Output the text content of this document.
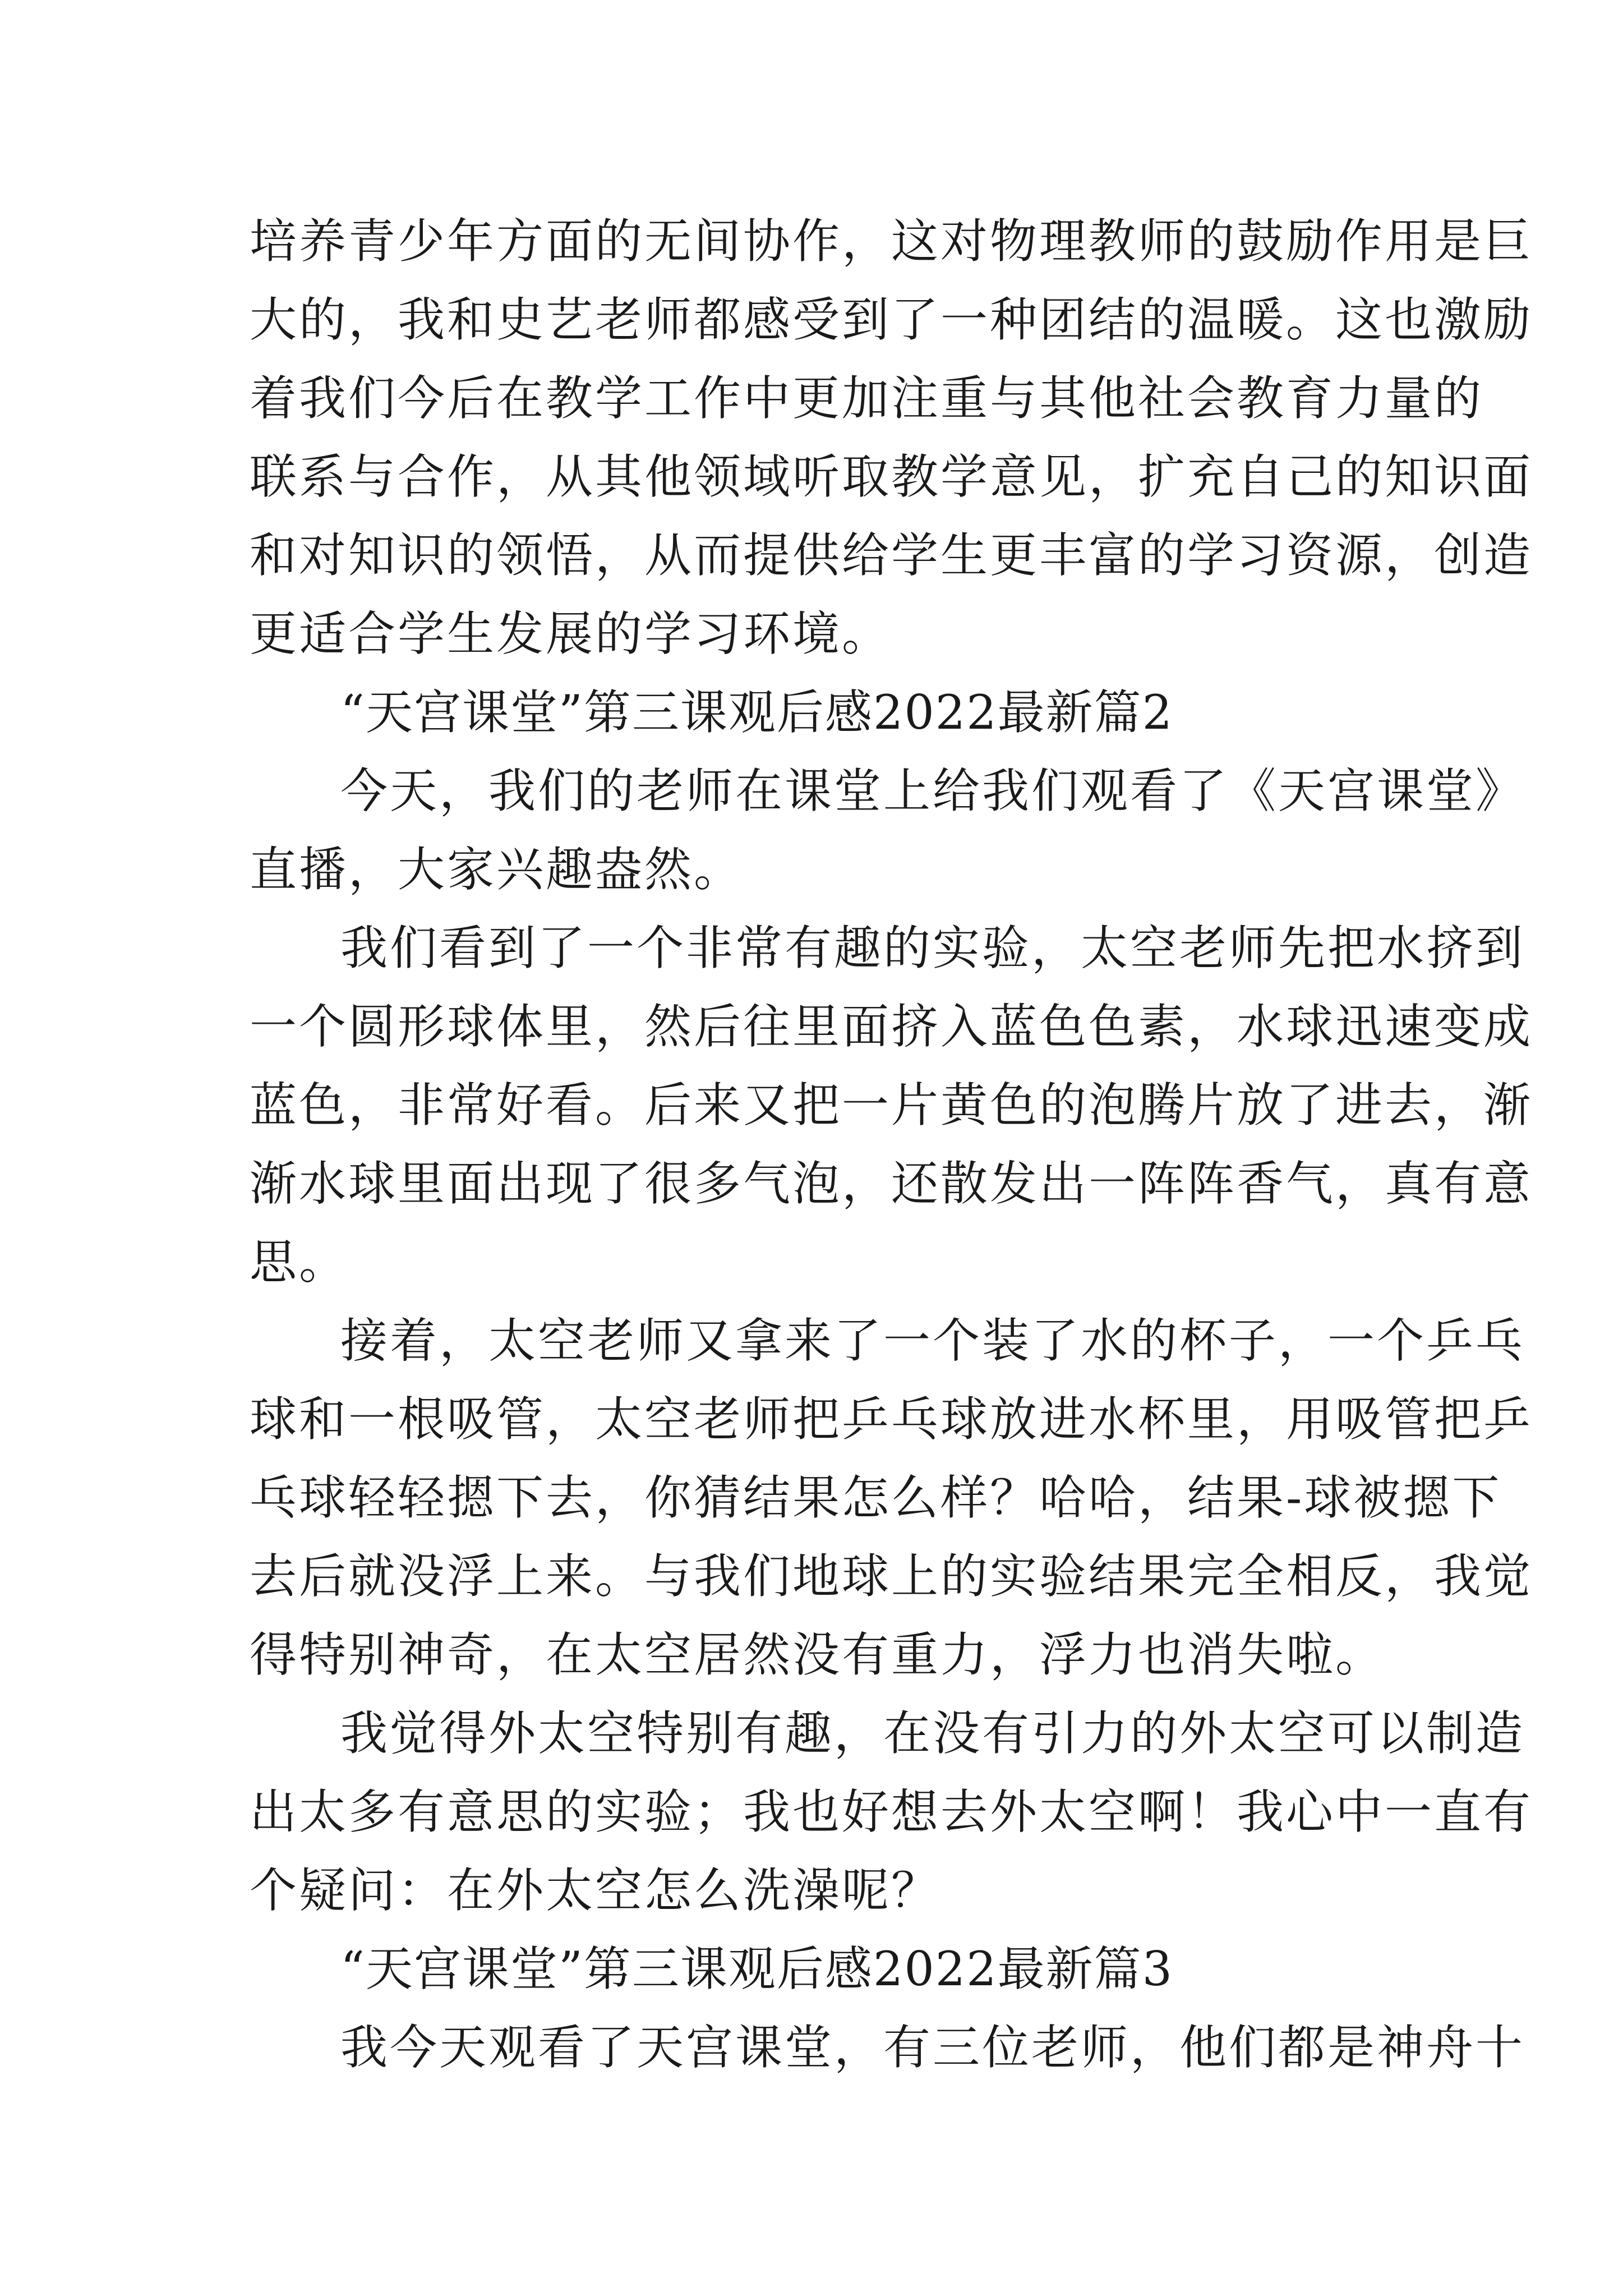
培养青少年方面的无间协作，这对物理教师的鼓励作用是巨
大的，我和史艺老师都感受到了一种团结的温暖。这也激励
着我们今后在教学工作中更加注重与其他社会教育力量的
联系与合作，从其他领域听取教学意见，扩充自己的知识面
和对知识的领悟，从而提供给学生更丰富的学习资源，创造
更适合学生发展的学习环境。
“天宫课堂”第三课观后感2022最新篇2
今天，我们的老师在课堂上给我们观看了《天宫课堂》
直播，大家兴趣盎然。
我们看到了一个非常有趣的实验，太空老师先把水挤到
一个圆形球体里，然后往里面挤入蓝色色素，水球迅速变成
蓝色，非常好看。后来又把一片黄色的泡腾片放了进去，渐
渐水球里面出现了很多气泡，还散发出一阵阵香气，真有意
思。
接着，太空老师又拿来了一个装了水的杯子，一个乒乓
球和一根吸管，太空老师把乒乓球放进水杯里，用吸管把乒
乓球轻轻摁下去，你猜结果怎么样？哈哈，结果-球被摁下
去后就没浮上来。与我们地球上的实验结果完全相反，我觉
得特别神奇，在太空居然没有重力，浮力也消失啦。
我觉得外太空特别有趣，在没有引力的外太空可以制造
出太多有意思的实验；我也好想去外太空啊！我心中一直有
个疑问：在外太空怎么洗澡呢？
“天宫课堂”第三课观后感2022最新篇3
我今天观看了天宫课堂，有三位老师，他们都是神舟十
